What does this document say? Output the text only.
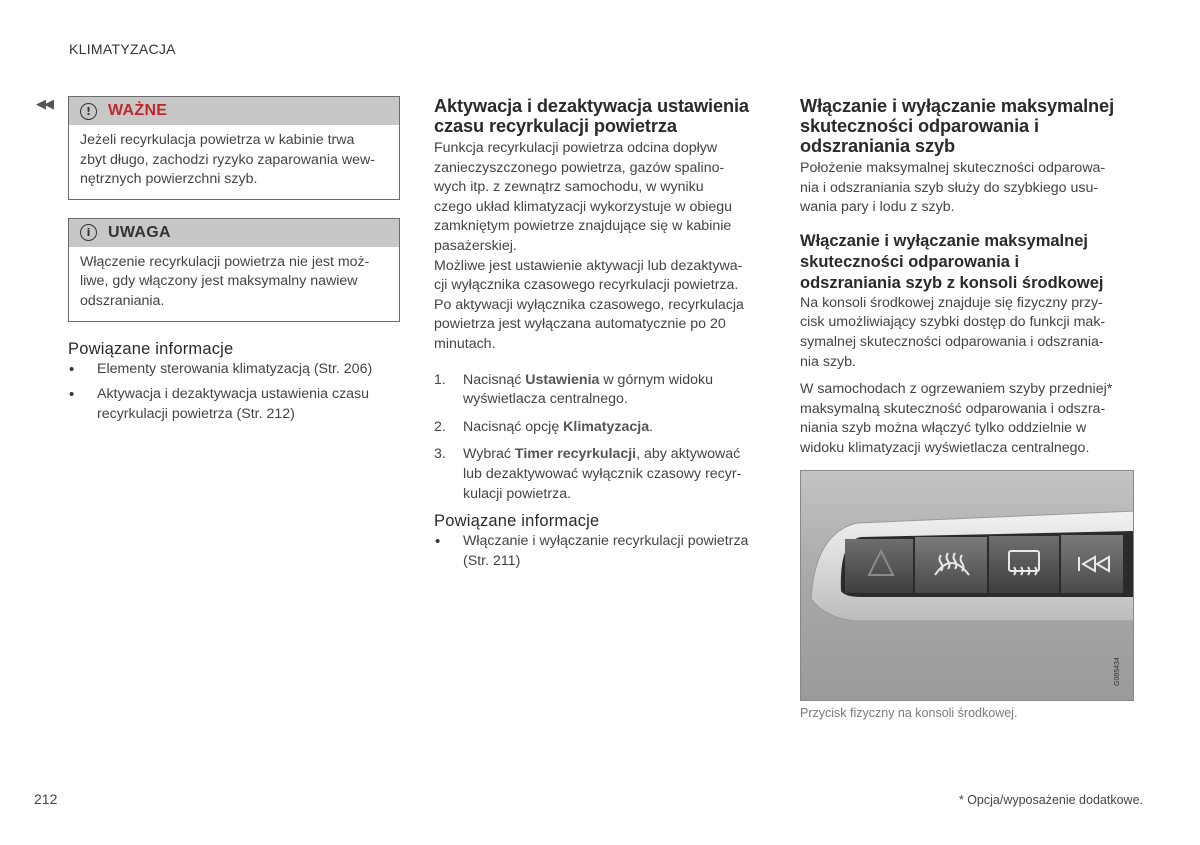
KLIMATYZACJA
◀◀	!	WAŻNE
Jeżeli recyrkulacja powietrza w kabinie trwa
zbyt długo, zachodzi ryzyko zaparowania wew-
nętrznych powierzchni szyb.
i	UWAGA
Włączenie recyrkulacji powietrza nie jest moż-
liwe, gdy włączony jest maksymalny nawiew
odszraniania.
Powiązane informacje
• Elementy sterowania klimatyzacją (Str. 206)
• Aktywacja i dezaktywacja ustawienia czasu
recyrkulacji powietrza (Str. 212)
Aktywacja i dezaktywacja ustawienia
czasu recyrkulacji powietrza

Funkcja recyrkulacji powietrza odcina dopływ
zanieczyszczonego powietrza, gazów spalino-
wych itp. z zewnątrz samochodu, w wyniku
czego układ klimatyzacji wykorzystuje w obiegu
zamkniętym powietrze znajdujące się w kabinie
pasażerskiej.

Możliwe jest ustawienie aktywacji lub dezaktywa-
cji wyłącznika czasowego recyrkulacji powietrza.
Po aktywacji wyłącznika czasowego, recyrkulacja
powietrza jest wyłączana automatycznie po 20
minutach.

1. Nacisnąć Ustawienia w górnym widoku
wyświetlacza centralnego.
2. Nacisnąć opcję Klimatyzacja.
3. Wybrać Timer recyrkulacji, aby aktywować
lub dezaktywować wyłącznik czasowy recyr-
kulacji powietrza.
Powiązane informacje
• Włączanie i wyłączanie recyrkulacji powietrza
(Str. 211)
Włączanie i wyłączanie maksymalnej
skuteczności odparowania i
odszraniania szyb

Położenie maksymalnej skuteczności odparowa-
nia i odszraniania szyb służy do szybkiego usu-
wania pary i lodu z szyb.

Włączanie i wyłączanie maksymalnej
skuteczności odparowania i
odszraniania szyb z konsoli środkowej

Na konsoli środkowej znajduje się fizyczny przy-
cisk umożliwiający szybki dostęp do funkcji mak-
symalnej skuteczności odparowania i odszrania-
nia szyb.

W samochodach z ogrzewaniem szyby przedniej*
maksymalną skuteczność odparowania i odszra-
niania szyb można włączyć tylko oddzielnie w
widoku klimatyzacji wyświetlacza centralnego.

G065434
Przycisk fizyczny na konsoli środkowej.
212	* Opcja/wyposażenie dodatkowe.
